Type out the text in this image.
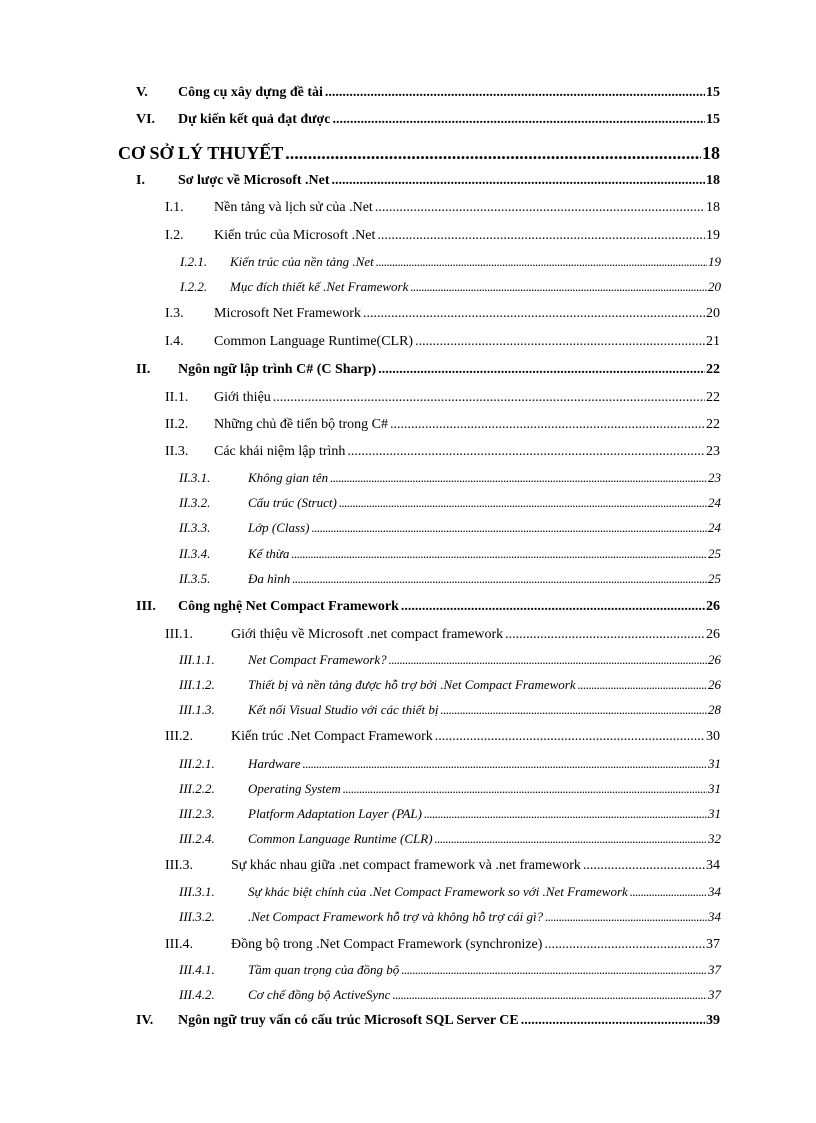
V.	Công cụ xây dựng đề tài .....	15
VI.	Dự kiến kết quả đạt được .....	15
CƠ SỞ LÝ THUYẾT .....	18
I.	Sơ lược về Microsoft .Net .....	18
I.1.	Nền tảng và lịch sử của .Net .....	18
I.2.	Kiến trúc của Microsoft .Net .....	19
I.2.1.	Kiến trúc của nền tảng .Net .....	19
I.2.2.	Mục đích thiết kế .Net Framework .....	20
I.3.	Microsoft Net Framework .....	20
I.4.	Common Language Runtime(CLR) .....	21
II.	Ngôn ngữ lập trình C# (C Sharp) .....	22
II.1.	Giới thiệu .....	22
II.2.	Những chủ đề tiến bộ trong C# .....	22
II.3.	Các khái niệm lập trình .....	23
II.3.1.	Không gian tên .....	23
II.3.2.	Cấu trúc (Struct) .....	24
II.3.3.	Lớp (Class) .....	24
II.3.4.	Kế thừa .....	25
II.3.5.	Đa hình .....	25
III.	Công nghệ Net Compact Framework .....	26
III.1.	Giới thiệu về Microsoft .net compact framework .....	26
III.1.1.	Net Compact Framework? .....	26
III.1.2.	Thiết bị và nền tảng được hỗ trợ bởi .Net Compact Framework .....	26
III.1.3.	Kết nối Visual Studio với các thiết bị .....	28
III.2.	Kiến trúc .Net Compact Framework .....	30
III.2.1.	Hardware .....	31
III.2.2.	Operating System .....	31
III.2.3.	Platform Adaptation Layer (PAL) .....	31
III.2.4.	Common Language Runtime (CLR) .....	32
III.3.	Sự khác nhau giữa .net compact framework và .net framework .....	34
III.3.1.	Sự khác biệt chính của .Net Compact Framework so với .Net Framework .....	34
III.3.2.	.Net Compact Framework hỗ trợ và không hỗ trợ cái gì? .....	34
III.4.	Đồng bộ trong .Net Compact Framework (synchronize) .....	37
III.4.1.	Tầm quan trọng của đồng bộ .....	37
III.4.2.	Cơ chế đồng bộ ActiveSync .....	37
IV.	Ngôn ngữ truy vấn có cấu trúc Microsoft SQL Server CE .....	39
